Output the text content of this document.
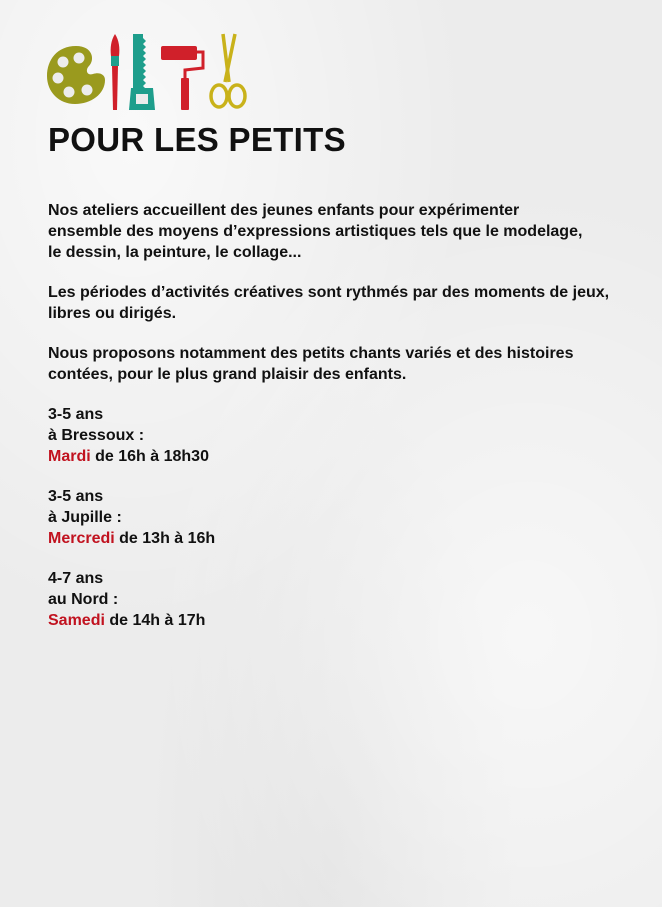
POUR LES PETITS

Nos ateliers accueillent des jeunes enfants pour expérimenter
ensemble des moyens d’expressions artistiques tels que le modelage,
le dessin, la peinture, le collage...

Les périodes d’activités créatives sont rythmés par des moments de jeux,
libres ou dirigés.

Nous proposons notamment des petits chants variés et des histoires
contées, pour le plus grand plaisir des enfants.

3-5 ans
à Bressoux :
Mardi de 16h à 18h30
3-5 ans
à Jupille :
Mercredi de 13h à 16h
4-7 ans
au Nord :
Samedi de 14h à 17h
